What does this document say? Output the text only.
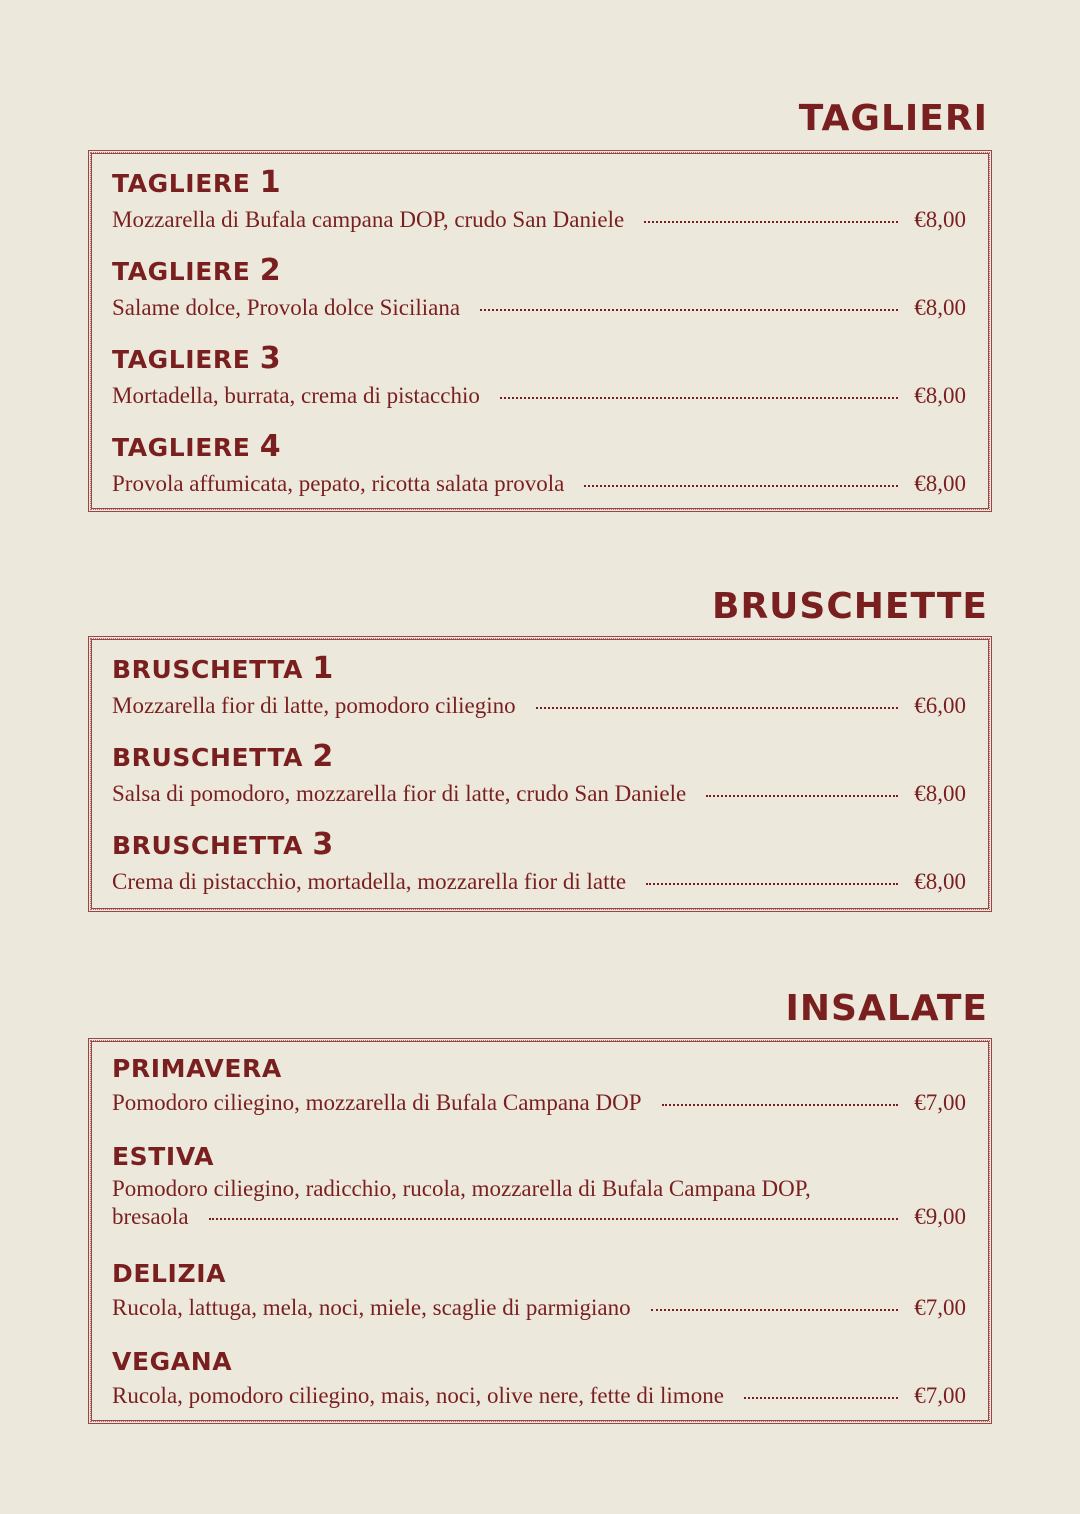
TAGLIERI
TAGLIERE 1
Mozzarella di Bufala campana DOP, crudo San Daniele	€8,00
TAGLIERE 2
Salame dolce, Provola dolce Siciliana	€8,00
TAGLIERE 3
Mortadella, burrata, crema di pistacchio	€8,00
TAGLIERE 4
Provola affumicata, pepato, ricotta salata provola	€8,00
BRUSCHETTE
BRUSCHETTA 1
Mozzarella fior di latte, pomodoro ciliegino	€6,00
BRUSCHETTA 2
Salsa di pomodoro, mozzarella fior di latte, crudo San Daniele	€8,00
BRUSCHETTA 3
Crema di pistacchio, mortadella, mozzarella fior di latte	€8,00
INSALATE
PRIMAVERA
Pomodoro ciliegino, mozzarella di Bufala Campana DOP	€7,00
ESTIVA
Pomodoro ciliegino, radicchio, rucola, mozzarella di Bufala Campana DOP,
bresaola	€9,00
DELIZIA
Rucola, lattuga, mela, noci, miele, scaglie di parmigiano	€7,00
VEGANA
Rucola, pomodoro ciliegino, mais, noci, olive nere, fette di limone	€7,00
